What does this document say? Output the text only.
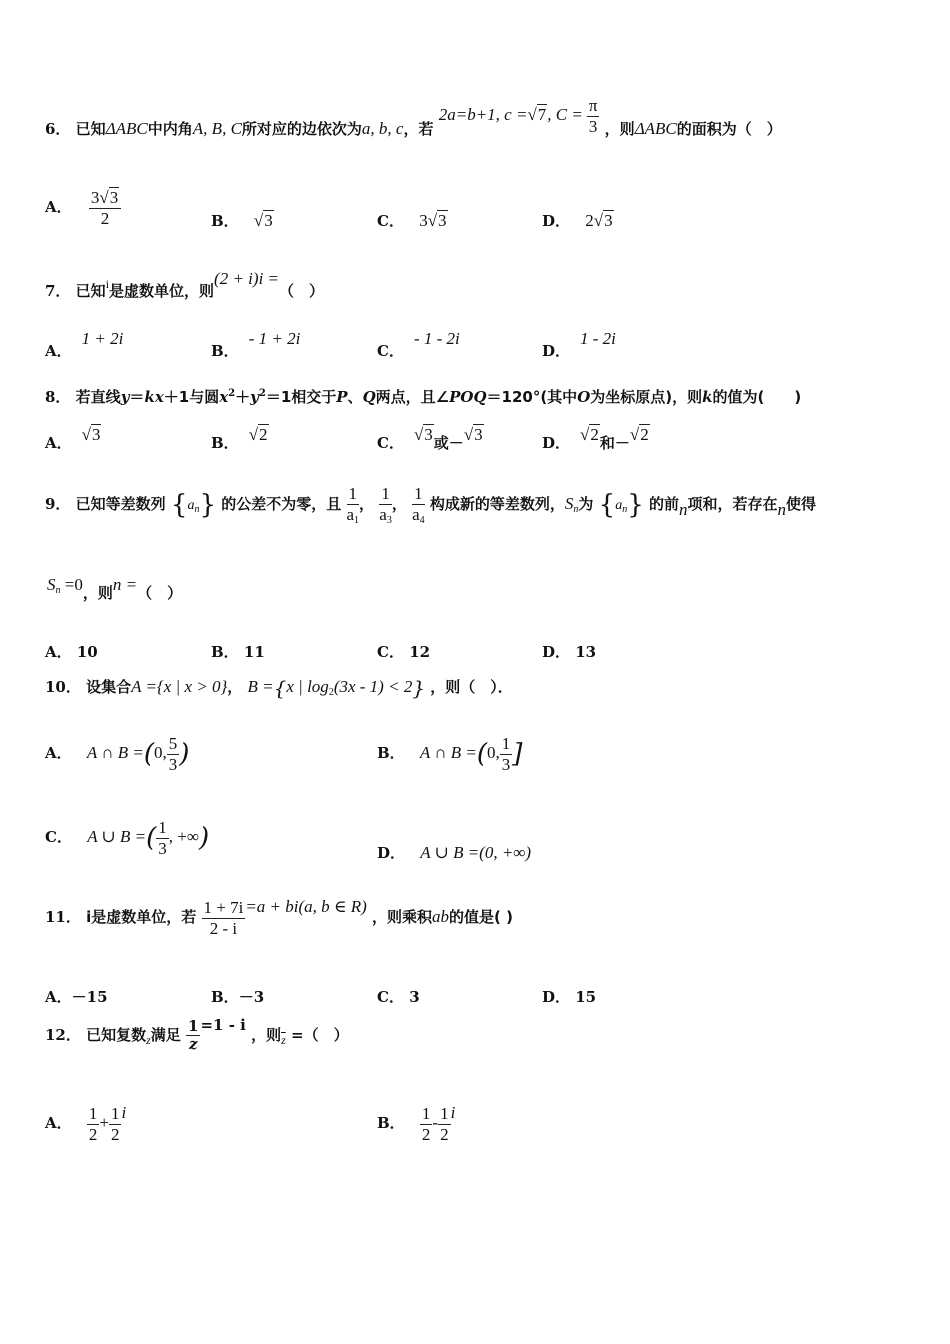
6． 已知ΔABC中内角A, B, C所对应的边依次为a, b, c，若 2a=b+1, c =√7, $C = \frac{\pi}{3}$ ，则ΔABC的面积为（　）
A． $\frac{3√3}{2}$	B． √3	C． 3√3	D． 2√3
7． 已知$^i$是虚数单位，则(2 + i)i =（　）
A．1 + 2i
B．- 1 + 2i
C．- 1 - 2i
D．1 - 2i
8． 若直线y＝kx＋1与圆$x^2+y^2=1$相交于P、Q两点，且∠POQ＝120°(其中O为坐标原点)，则k的值为(　　)
A． √3	B． √2	C． √3或－√3	D． √2和－√2
9． 已知等差数列 $\{a_n\}$ 的公差不为零，且 $\frac{1}{a_1}$ ， $\frac{1}{a_3}$ ， $\frac{1}{a_4}$ 构成新的等差数列，$S_n$为 $\{a_n\}$ 的前n项和，若存在n使得
$S_n =0$，则n =（　）
A． 10	B． 11	C． 12	D． 13
10． 设集合A ={x | x > 0}， B ={x | $\log_2(3x - 1) < 2$} ，则（　）．
A． A ∩ B =(0, $\frac{5}{3}$ )	B． A ∩ B =(0, $\frac{1}{3}$ ]
C． A ∪ B =( $\frac{1}{3}$ , +∞)	D． A ∪ B =(0, +∞)
11． i是虚数单位，若 $\frac{1 + 7i}{2 - i} =a + bi(a$, b ∈ R) ，则乘积ab的值是( )
A．－15	B．－3	C． 3	D． 15
12． 已知复数$_z$满足 $\frac{1}{z} =1 - i$ ，则$_{\overline{z}}$ =（　）
A． $\frac{1}{2} + \frac{1}{2}$ i
B． $\frac{1}{2} - \frac{1}{2}$ i
